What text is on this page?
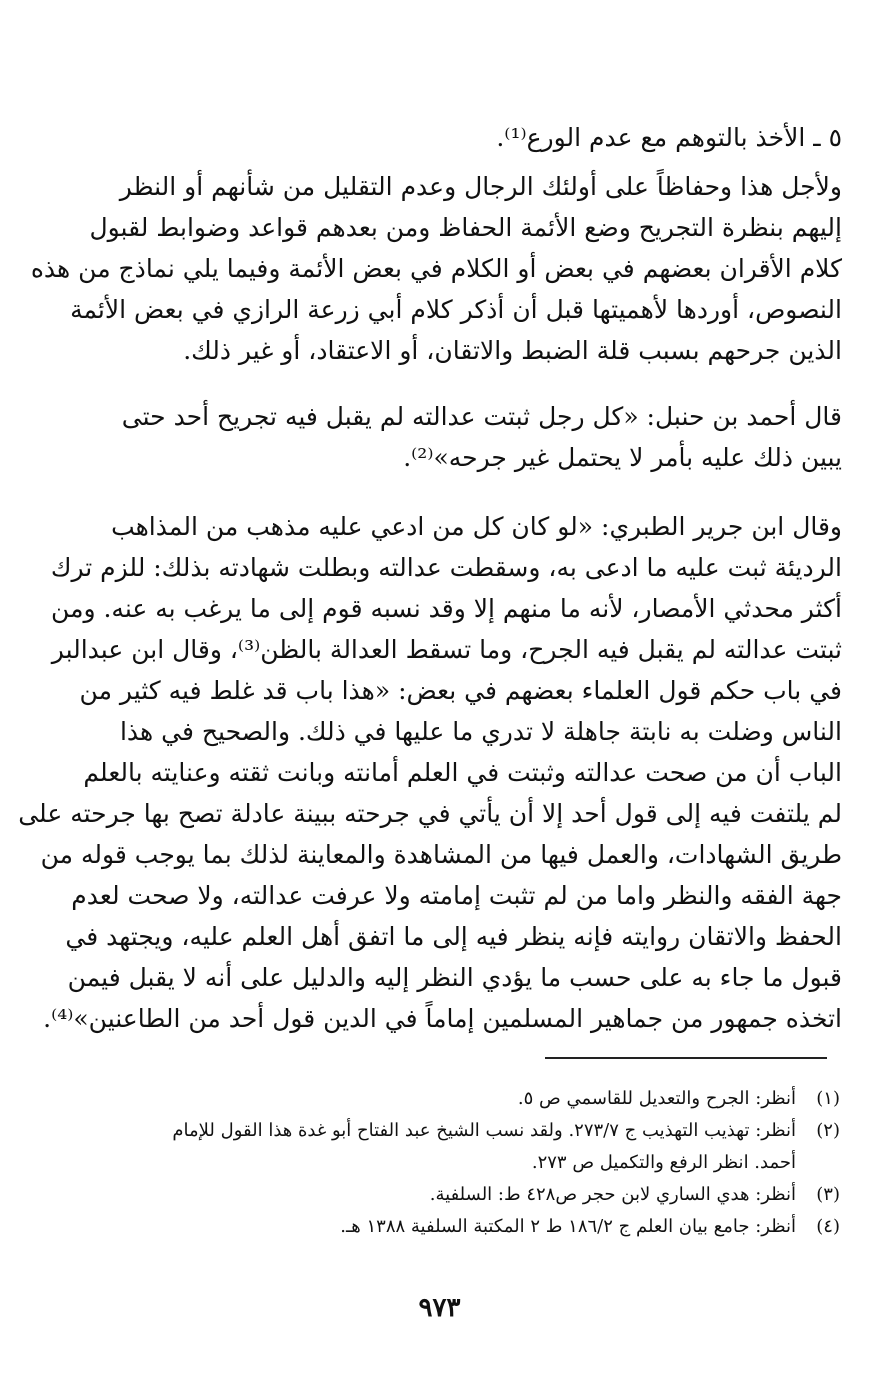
٥ ـ الأخذ بالتوهم مع عدم الورع⁽¹⁾.
ولأجل هذا وحفاظاً على أولئك الرجال وعدم التقليل من شأنهم أو النظر
إليهم بنظرة التجريح وضع الأئمة الحفاظ ومن بعدهم قواعد وضوابط لقبول
كلام الأقران بعضهم في بعض أو الكلام في بعض الأئمة وفيما يلي نماذج من هذه
النصوص، أوردها لأهميتها قبل أن أذكر كلام أبي زرعة الرازي في بعض الأئمة
الذين جرحهم بسبب قلة الضبط والاتقان، أو الاعتقاد، أو غير ذلك.
قال أحمد بن حنبل: «كل رجل ثبتت عدالته لم يقبل فيه تجريح أحد حتى
يبين ذلك عليه بأمر لا يحتمل غير جرحه»⁽²⁾.
وقال ابن جرير الطبري: «لو كان كل من ادعي عليه مذهب من المذاهب
الرديئة ثبت عليه ما ادعى به، وسقطت عدالته وبطلت شهادته بذلك: للزم ترك
أكثر محدثي الأمصار، لأنه ما منهم إلا وقد نسبه قوم إلى ما يرغب به عنه. ومن
ثبتت عدالته لم يقبل فيه الجرح، وما تسقط العدالة بالظن⁽³⁾، وقال ابن عبدالبر
في باب حكم قول العلماء بعضهم في بعض: «هذا باب قد غلط فيه كثير من
الناس وضلت به نابتة جاهلة لا تدري ما عليها في ذلك. والصحيح في هذا
الباب أن من صحت عدالته وثبتت في العلم أمانته وبانت ثقته وعنايته بالعلم
لم يلتفت فيه إلى قول أحد إلا أن يأتي في جرحته ببينة عادلة تصح بها جرحته على
طريق الشهادات، والعمل فيها من المشاهدة والمعاينة لذلك بما يوجب قوله من
جهة الفقه والنظر واما من لم تثبت إمامته ولا عرفت عدالته، ولا صحت لعدم
الحفظ والاتقان روايته فإنه ينظر فيه إلى ما اتفق أهل العلم عليه، ويجتهد في
قبول ما جاء به على حسب ما يؤدي النظر إليه والدليل على أنه لا يقبل فيمن
اتخذه جمهور من جماهير المسلمين إماماً في الدين قول أحد من الطاعنين»⁽⁴⁾.
(١)
أنظر: الجرح والتعديل للقاسمي ص ٥.
(٢)
أنظر: تهذيب التهذيب ج ٢٧٣/٧. ولقد نسب الشيخ عبد الفتاح أبو غدة هذا القول للإمام
أحمد. انظر الرفع والتكميل ص ٢٧٣.
(٣)
أنظر: هدي الساري لابن حجر ص٤٢٨ ط: السلفية.
(٤)
أنظر: جامع بيان العلم ج ١٨٦/٢ ط ٢ المكتبة السلفية ١٣٨٨ هـ.
٩٧٣
